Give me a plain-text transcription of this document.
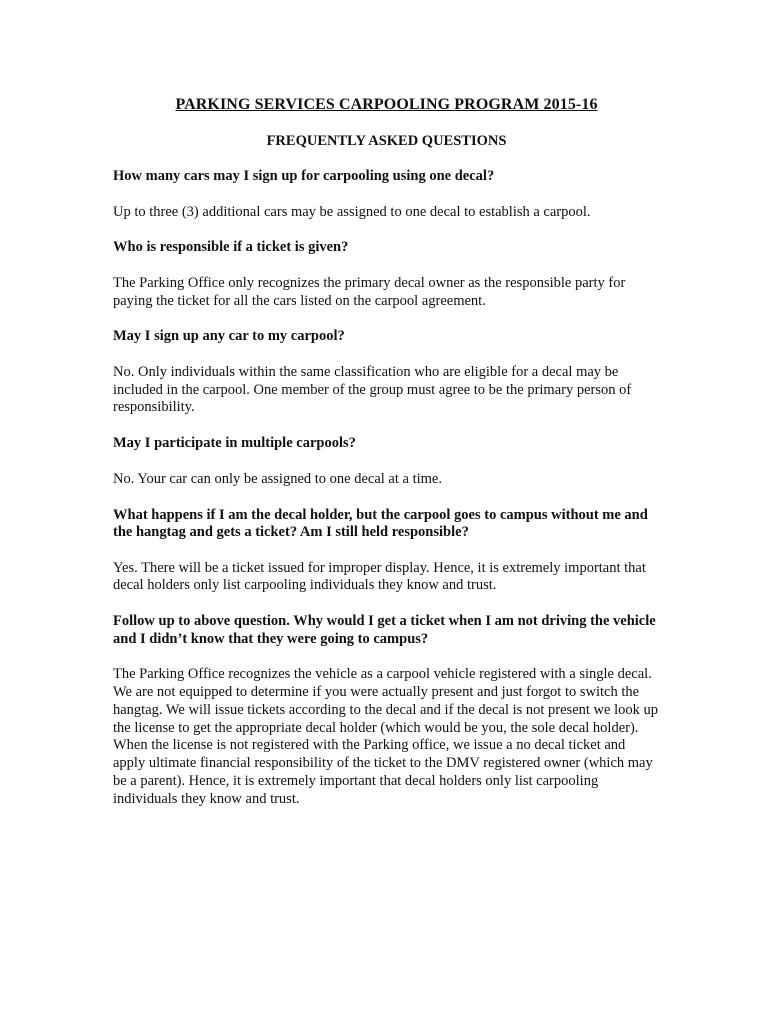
PARKING SERVICES CARPOOLING PROGRAM 2015-16
FREQUENTLY ASKED QUESTIONS

How many cars may I sign up for carpooling using one decal?

Up to three (3) additional cars may be assigned to one decal to establish a carpool.

Who is responsible if a ticket is given?

The Parking Office only recognizes the primary decal owner as the responsible party for paying the ticket for all the cars listed on the carpool agreement.

May I sign up any car to my carpool?

No. Only individuals within the same classification who are eligible for a decal may be included in the carpool. One member of the group must agree to be the primary person of responsibility.

May I participate in multiple carpools?

No. Your car can only be assigned to one decal at a time.

What happens if I am the decal holder, but the carpool goes to campus without me and the hangtag and gets a ticket? Am I still held responsible?

Yes. There will be a ticket issued for improper display. Hence, it is extremely important that decal holders only list carpooling individuals they know and trust.

Follow up to above question. Why would I get a ticket when I am not driving the vehicle and I didn’t know that they were going to campus?

The Parking Office recognizes the vehicle as a carpool vehicle registered with a single decal. We are not equipped to determine if you were actually present and just forgot to switch the hangtag. We will issue tickets according to the decal and if the decal is not present we look up the license to get the appropriate decal holder (which would be you, the sole decal holder). When the license is not registered with the Parking office, we issue a no decal ticket and apply ultimate financial responsibility of the ticket to the DMV registered owner (which may be a parent). Hence, it is extremely important that decal holders only list carpooling individuals they know and trust.
